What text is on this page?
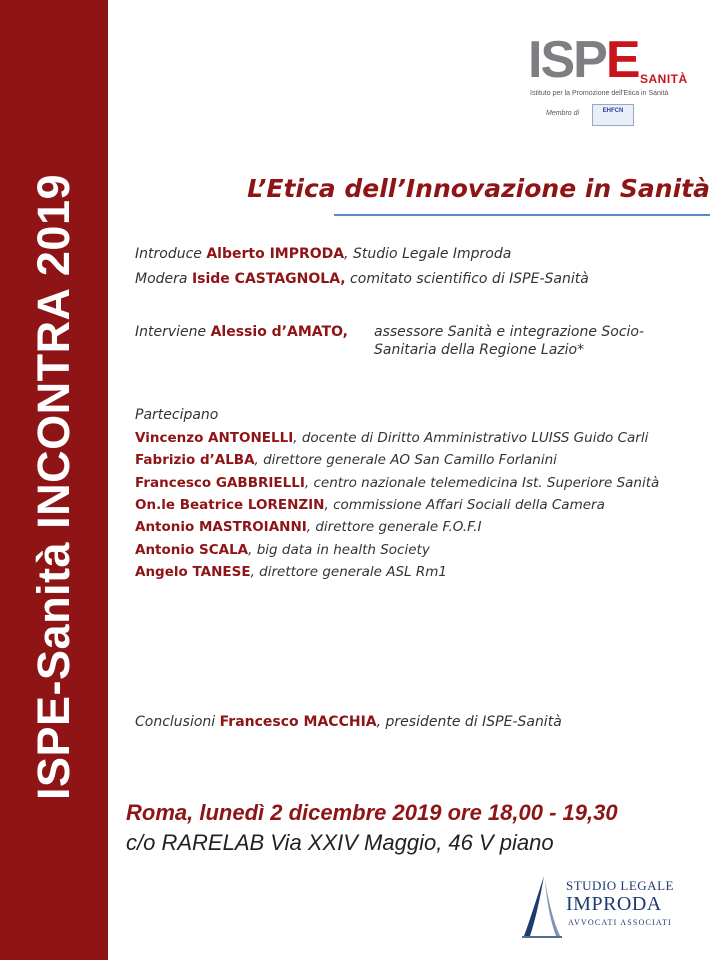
ISPE-Sanità INCONTRA 2019
ISPE SANITÀ
Istituto per la Promozione dell'Etica in Sanità
Membro di	EHFCN
L’Etica dell’Innovazione in Sanità
Introduce Alberto IMPRODA, Studio Legale Improda
Modera Iside CASTAGNOLA, comitato scientifico di ISPE-Sanità
Interviene Alessio d’AMATO, assessore Sanità e integrazione Socio-
Sanitaria della Regione Lazio*
Partecipano
Vincenzo ANTONELLI, docente di Diritto Amministrativo LUISS Guido Carli
Fabrizio d’ALBA, direttore generale AO San Camillo Forlanini
Francesco GABBRIELLI, centro nazionale telemedicina Ist. Superiore Sanità
On.le Beatrice LORENZIN, commissione Affari Sociali della Camera
Antonio MASTROIANNI, direttore generale F.O.F.I
Antonio SCALA, big data in health Society
Angelo TANESE, direttore generale ASL Rm1
Conclusioni Francesco MACCHIA, presidente di ISPE-Sanità
Roma, lunedì 2 dicembre 2019 ore 18,00 - 19,30
c/o RARELAB Via XXIV Maggio, 46 V piano
STUDIO LEGALE
IMPRODA
AVVOCATI ASSOCIATI
